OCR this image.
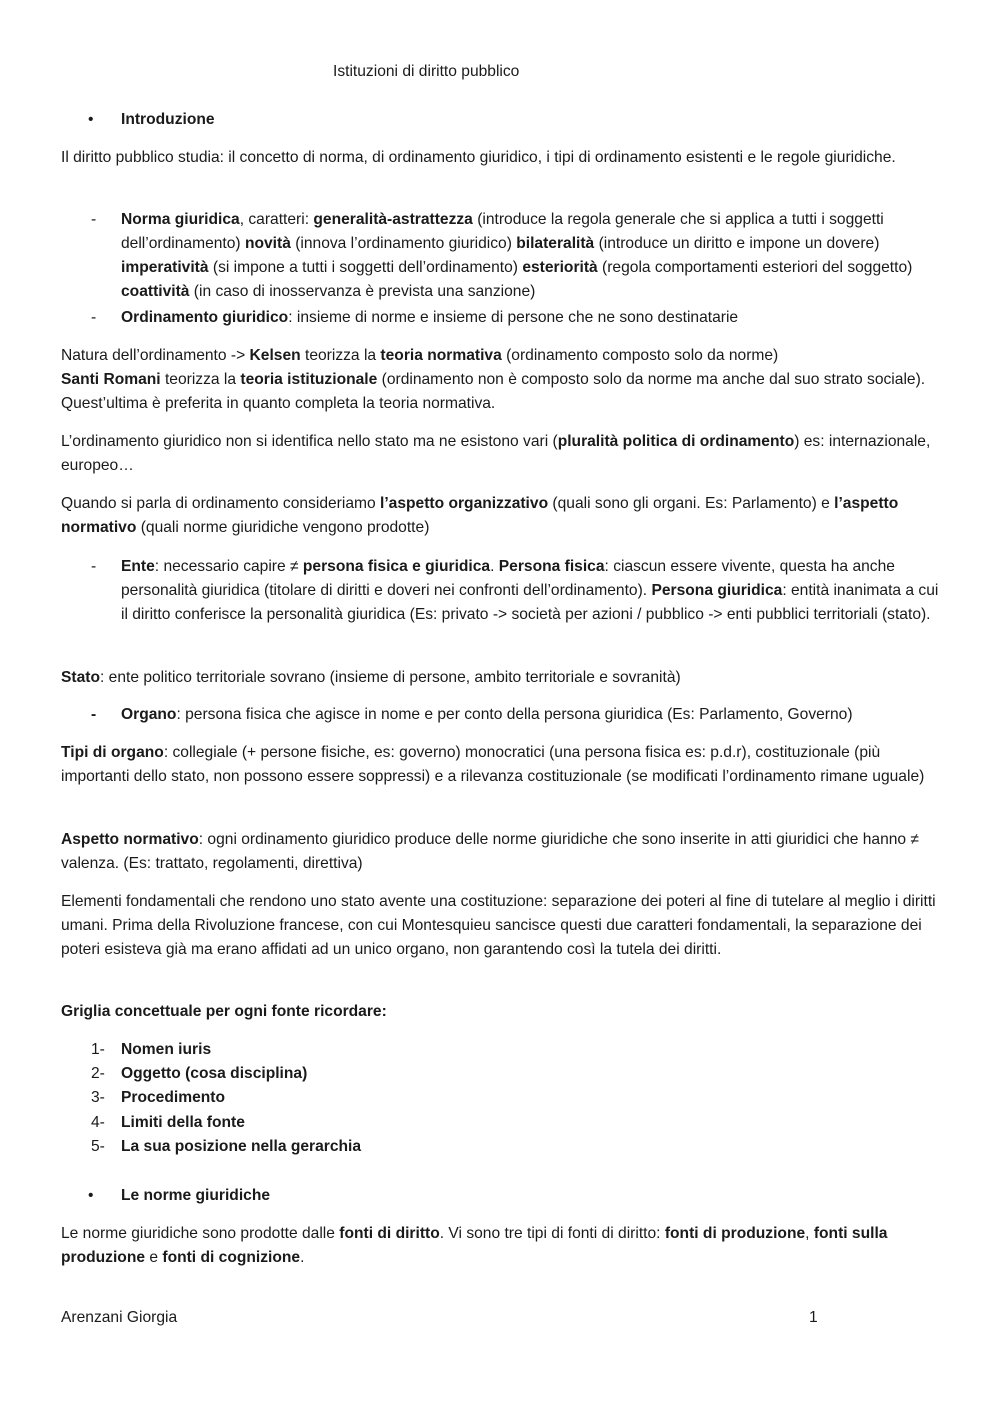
Istituzioni di diritto pubblico
•	Introduzione
Il diritto pubblico studia: il concetto di norma, di ordinamento giuridico, i tipi di ordinamento esistenti e le regole giuridiche.
-	Norma giuridica, caratteri: generalità-astrattezza (introduce la regola generale che si applica a tutti i soggetti dell’ordinamento) novità (innova l’ordinamento giuridico) bilateralità (introduce un diritto e impone un dovere) imperatività (si impone a tutti i soggetti dell’ordinamento) esteriorità (regola comportamenti esteriori del soggetto) coattività (in caso di inosservanza è prevista una sanzione)
-	Ordinamento giuridico: insieme di norme e insieme di persone che ne sono destinatarie
Natura dell’ordinamento -> Kelsen teorizza la teoria normativa (ordinamento composto solo da norme)
Santi Romani teorizza la teoria istituzionale (ordinamento non è composto solo da norme ma anche dal suo strato sociale). Quest’ultima è preferita in quanto completa la teoria normativa.
L’ordinamento giuridico non si identifica nello stato ma ne esistono vari (pluralità politica di ordinamento) es: internazionale, europeo…
Quando si parla di ordinamento consideriamo l’aspetto organizzativo (quali sono gli organi. Es: Parlamento) e l’aspetto normativo (quali norme giuridiche vengono prodotte)
-	Ente: necessario capire ≠ persona fisica e giuridica. Persona fisica: ciascun essere vivente, questa ha anche personalità giuridica (titolare di diritti e doveri nei confronti dell’ordinamento). Persona giuridica: entità inanimata a cui il diritto conferisce la personalità giuridica (Es: privato -> società per azioni / pubblico -> enti pubblici territoriali (stato).
Stato: ente politico territoriale sovrano (insieme di persone, ambito territoriale e sovranità)
-	Organo: persona fisica che agisce in nome e per conto della persona giuridica (Es: Parlamento, Governo)
Tipi di organo: collegiale (+ persone fisiche, es: governo) monocratici (una persona fisica es: p.d.r), costituzionale (più importanti dello stato, non possono essere soppressi) e a rilevanza costituzionale (se modificati l’ordinamento rimane uguale)
Aspetto normativo: ogni ordinamento giuridico produce delle norme giuridiche che sono inserite in atti giuridici che hanno ≠ valenza. (Es: trattato, regolamenti, direttiva)
Elementi fondamentali che rendono uno stato avente una costituzione: separazione dei poteri al fine di tutelare al meglio i diritti umani. Prima della Rivoluzione francese, con cui Montesquieu sancisce questi due caratteri fondamentali, la separazione dei poteri esisteva già ma erano affidati ad un unico organo, non garantendo così la tutela dei diritti.
Griglia concettuale per ogni fonte ricordare:
1- Nomen iuris
2- Oggetto (cosa disciplina)
3- Procedimento
4- Limiti della fonte
5- La sua posizione nella gerarchia
•	Le norme giuridiche
Le norme giuridiche sono prodotte dalle fonti di diritto. Vi sono tre tipi di fonti di diritto: fonti di produzione, fonti sulla produzione e fonti di cognizione.
Arenzani Giorgia	1
